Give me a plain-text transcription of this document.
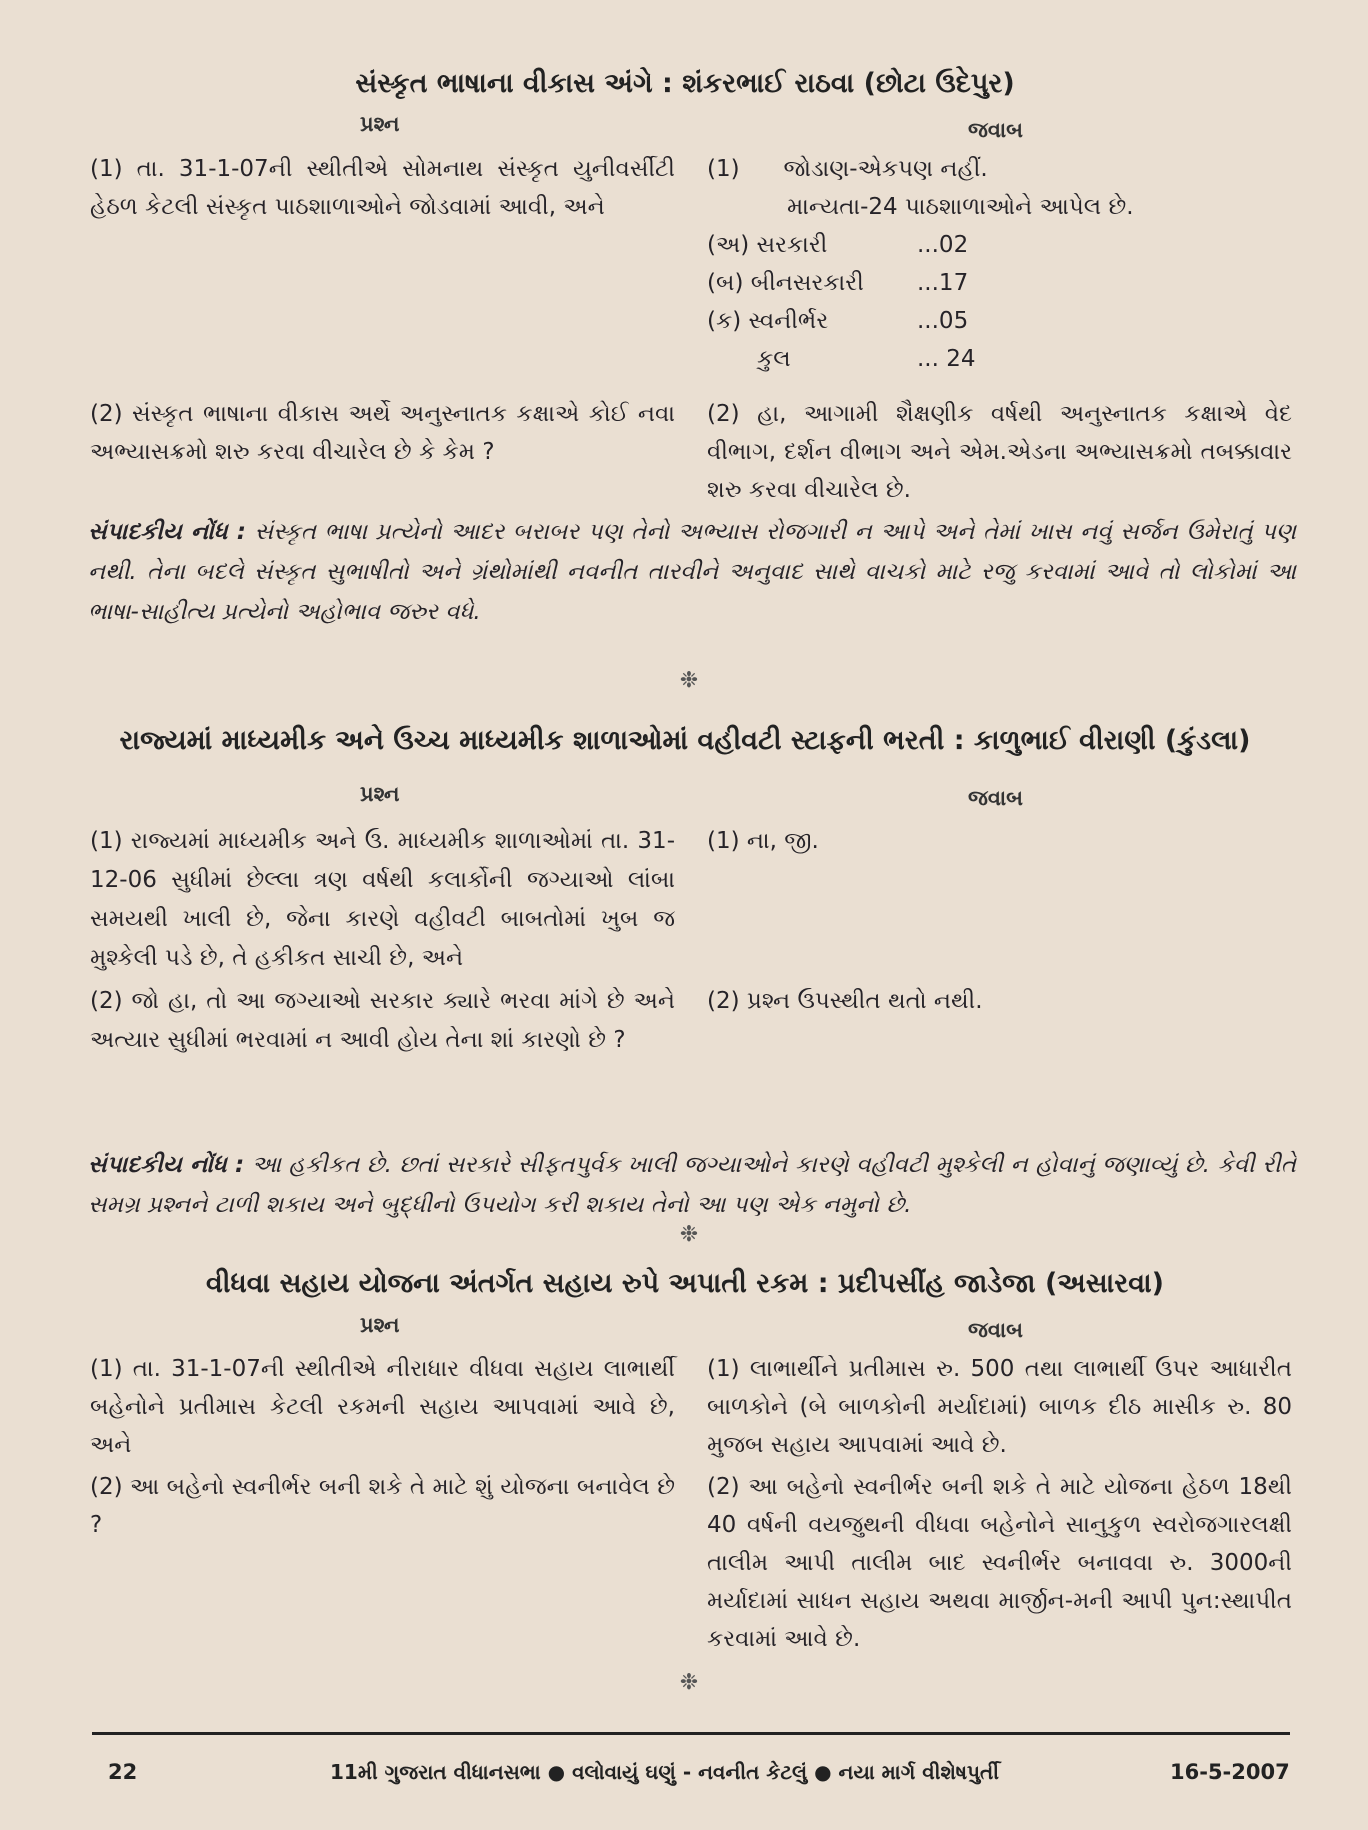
સંસ્કૃત ભાષાના વીકાસ અંગે : શંકરભાઈ રાઠવા (છોટા ઉદેપુર)
પ્રશ્ન	જવાબ
(1) તા. 31-1-07ની સ્થીતીએ સોમનાથ સંસ્કૃત યુનીવર્સીટી હેઠળ કેટલી સંસ્કૃત પાઠશાળાઓને જોડવામાં આવી, અને
(1)      જોડાણ-એકપણ નહીં.
માન્યતા-24 પાઠશાળાઓને આપેલ છે.
(અ) સરકારી	...02
(બ) બીનસરકારી	...17
(ક) સ્વનીર્ભર	...05
કુલ	... 24
(2) સંસ્કૃત ભાષાના વીકાસ અર્થે અનુસ્નાતક કક્ષાએ કોઈ નવા અભ્યાસક્રમો શરુ કરવા વીચારેલ છે કે કેમ ?
(2) હા, આગામી શૈક્ષણીક વર્ષથી અનુસ્નાતક કક્ષાએ વેદ વીભાગ, દર્શન વીભાગ અને એમ.એડના અભ્યાસક્રમો તબક્કાવાર શરુ કરવા વીચારેલ છે.
સંપાદકીય નોંધ : સંસ્કૃત ભાષા પ્રત્યેનો આદર બરાબર પણ તેનો અભ્યાસ રોજગારી ન આપે અને તેમાં ખાસ નવું સર્જન ઉમેરાતું પણ નથી. તેના બદલે સંસ્કૃત સુભાષીતો અને ગ્રંથોમાંથી નવનીત તારવીને અનુવાદ સાથે વાચકો માટે રજુ કરવામાં આવે તો લોકોમાં આ ભાષા-સાહીત્ય પ્રત્યેનો અહોભાવ જરુર વધે.
❉
રાજ્યમાં માધ્યમીક અને ઉચ્ચ માધ્યમીક શાળાઓમાં વહીવટી સ્ટાફની ભરતી : કાળુભાઈ વીરાણી (કુંડલા)
પ્રશ્ન	જવાબ
(1) રાજ્યમાં માધ્યમીક અને ઉ. માધ્યમીક શાળાઓમાં તા. 31-12-06 સુધીમાં છેલ્લા ત્રણ વર્ષથી કલાર્કોની જગ્યાઓ લાંબા સમયથી ખાલી છે, જેના કારણે વહીવટી બાબતોમાં ખુબ જ મુશ્કેલી પડે છે, તે હકીકત સાચી છે, અને
(1) ના, જી.
(2) જો હા, તો આ જગ્યાઓ સરકાર ક્યારે ભરવા માંગે છે અને અત્યાર સુધીમાં ભરવામાં ન આવી હોય તેના શાં કારણો છે ?
(2) પ્રશ્ન ઉપસ્થીત થતો નથી.
સંપાદકીય નોંધ : આ હકીકત છે. છતાં સરકારે સીફતપુર્વક ખાલી જગ્યાઓને કારણે વહીવટી મુશ્કેલી ન હોવાનું જણાવ્યું છે. કેવી રીતે સમગ્ર પ્રશ્નને ટાળી શકાય અને બુદ્ધીનો ઉપયોગ કરી શકાય તેનો આ પણ એક નમુનો છે.
❉
વીધવા સહાય યોજના અંતર્ગત સહાય રુપે અપાતી રકમ : પ્રદીપસીંહ જાડેજા (અસારવા)
પ્રશ્ન	જવાબ
(1) તા. 31-1-07ની સ્થીતીએ નીરાધાર વીધવા સહાય લાભાર્થી બહેનોને પ્રતીમાસ કેટલી રકમની સહાય આપવામાં આવે છે, અને
(1) લાભાર્થીને પ્રતીમાસ રુ. 500 તથા લાભાર્થી ઉપર આધારીત બાળકોને (બે બાળકોની મર્યાદામાં) બાળક દીઠ માસીક રુ. 80 મુજબ સહાય આપવામાં આવે છે.
(2) આ બહેનો સ્વનીર્ભર બની શકે તે માટે શું યોજના બનાવેલ છે ?
(2) આ બહેનો સ્વનીર્ભર બની શકે તે માટે યોજના હેઠળ 18થી 40 વર્ષની વયજુથની વીધવા બહેનોને સાનુકુળ સ્વરોજગારલક્ષી તાલીમ આપી તાલીમ બાદ સ્વનીર્ભર બનાવવા રુ. 3000ની મર્યાદામાં સાધન સહાય અથવા માર્જીન-મની આપી પુન:સ્થાપીત કરવામાં આવે છે.
❉
22	11મી ગુજરાત વીધાનસભા ● વલોવાયું ઘણું - નવનીત કેટલું ● નયા માર્ગ વીશેષપુર્તી	16-5-2007
